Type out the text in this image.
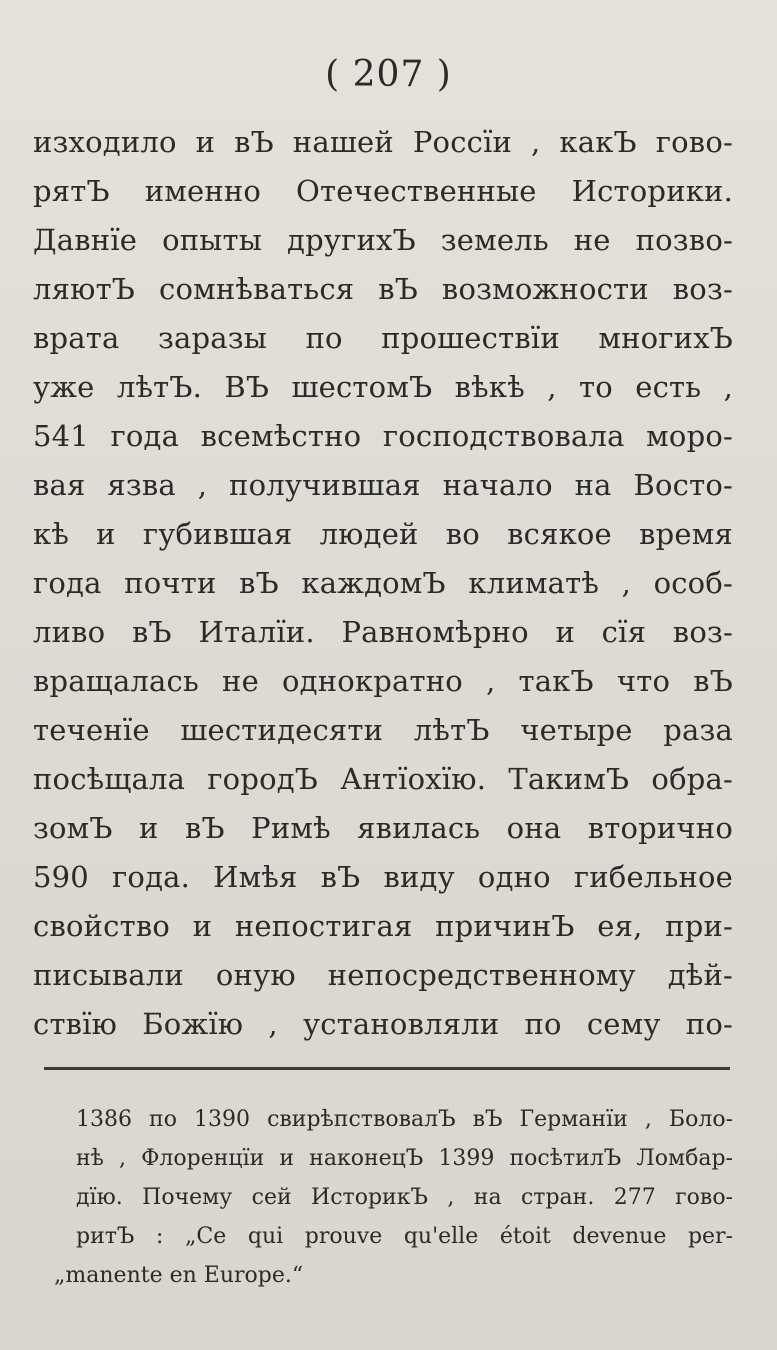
( 207 )
изходило и вЪ нашей Россïи , какЪ гово-
рятЪ именно Отечественные Историки.
Давнïе опыты другихЪ земель не позво-
ляютЪ сомнѣваться вЪ возможности воз-
врата заразы по прошествïи многихЪ
уже лѣтЪ. ВЪ шестомЪ вѣкѣ , то есть ,
541 года всемѣстно господствовала моро-
вая язва , получившая начало на Восто-
кѣ и губившая людей во всякое время
года почти вЪ каждомЪ климатѣ , особ-
ливо вЪ Италïи. Равномѣрно и сïя воз-
вращалась не однократно , такЪ что вЪ
теченïе шестидесяти лѣтЪ четыре раза
посѣщала городЪ Антïохïю. ТакимЪ обра-
зомЪ и вЪ Римѣ явилась она вторично
590 года. Имѣя вЪ виду одно гибельное
свойство и непостигая причинЪ ея, при-
писывали оную непосредственному дѣй-
ствïю Божïю , установляли по сему по-
1386 по 1390 свирѣпствовалЪ вЪ Германïи , Болo-
нѣ , Флоренцïи и наконецЪ 1399 посѣтилЪ Ломбар-
дïю. Почему сей ИсторикЪ , на стран. 277 гово-
ритЪ : „Ce qui prouve qu'elle étoit devenue per-
„manente en Europe.“
